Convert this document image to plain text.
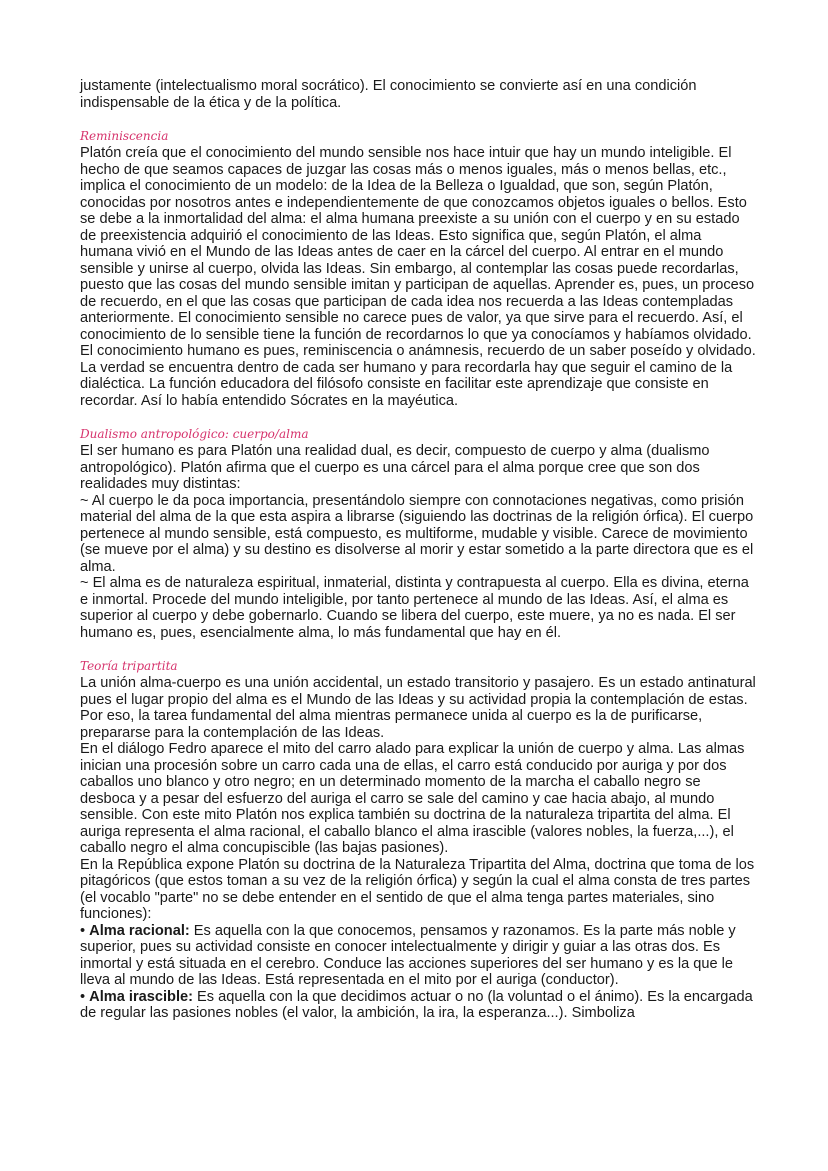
justamente (intelectualismo moral socrático). El conocimiento se convierte así en una condición indispensable de la ética y de la política.

Reminiscencia

Platón creía que el conocimiento del mundo sensible nos hace intuir que hay un mundo inteligible. El hecho de que seamos capaces de juzgar las cosas más o menos iguales, más o menos bellas, etc., implica el conocimiento de un modelo: de la Idea de la Belleza o Igualdad, que son, según Platón, conocidas por nosotros antes e independientemente de que conozcamos objetos iguales o bellos. Esto se debe a la inmortalidad del alma: el alma humana preexiste a su unión con el cuerpo y en su estado de preexistencia adquirió el conocimiento de las Ideas. Esto significa que, según Platón, el alma humana vivió en el Mundo de las Ideas antes de caer en la cárcel del cuerpo. Al entrar en el mundo sensible y unirse al cuerpo, olvida las Ideas. Sin embargo, al contemplar las cosas puede recordarlas, puesto que las cosas del mundo sensible imitan y participan de aquellas. Aprender es, pues, un proceso de recuerdo, en el que las cosas que participan de cada idea nos recuerda a las Ideas contempladas anteriormente. El conocimiento sensible no carece pues de valor, ya que sirve para el recuerdo. Así, el conocimiento de lo sensible tiene la función de recordarnos lo que ya conocíamos y habíamos olvidado. El conocimiento humano es pues, reminiscencia o anámnesis, recuerdo de un saber poseído y olvidado.

La verdad se encuentra dentro de cada ser humano y para recordarla hay que seguir el camino de la dialéctica. La función educadora del filósofo consiste en facilitar este aprendizaje que consiste en recordar. Así lo había entendido Sócrates en la mayéutica.

Dualismo antropológico: cuerpo/alma

El ser humano es para Platón una realidad dual, es decir, compuesto de cuerpo y alma (dualismo antropológico). Platón afirma que el cuerpo es una cárcel para el alma porque cree que son dos realidades muy distintas:

~ Al cuerpo le da poca importancia, presentándolo siempre con connotaciones negativas, como prisión material del alma de la que esta aspira a librarse (siguiendo las doctrinas de la religión órfica). El cuerpo pertenece al mundo sensible, está compuesto, es multiforme, mudable y visible. Carece de movimiento (se mueve por el alma) y su destino es disolverse al morir y estar sometido a la parte directora que es el alma.

~ El alma es de naturaleza espiritual, inmaterial, distinta y contrapuesta al cuerpo. Ella es divina, eterna e inmortal. Procede del mundo inteligible, por tanto pertenece al mundo de las Ideas. Así, el alma es superior al cuerpo y debe gobernarlo. Cuando se libera del cuerpo, este muere, ya no es nada. El ser humano es, pues, esencialmente alma, lo más fundamental que hay en él.

Teoría tripartita

La unión alma-cuerpo es una unión accidental, un estado transitorio y pasajero. Es un estado antinatural pues el lugar propio del alma es el Mundo de las Ideas y su actividad propia la contemplación de estas. Por eso, la tarea fundamental del alma mientras permanece unida al cuerpo es la de purificarse, prepararse para la contemplación de las Ideas.

En el diálogo Fedro aparece el mito del carro alado para explicar la unión de cuerpo y alma. Las almas inician una procesión sobre un carro cada una de ellas, el carro está conducido por auriga y por dos caballos uno blanco y otro negro; en un determinado momento de la marcha el caballo negro se desboca y a pesar del esfuerzo del auriga el carro se sale del camino y cae hacia abajo, al mundo sensible. Con este mito Platón nos explica también su doctrina de la naturaleza tripartita del alma. El auriga representa el alma racional, el caballo blanco el alma irascible (valores nobles, la fuerza,...), el caballo negro el alma concupiscible (las bajas pasiones).

En la República expone Platón su doctrina de la Naturaleza Tripartita del Alma, doctrina que toma de los pitagóricos (que estos toman a su vez de la religión órfica) y según la cual el alma consta de tres partes (el vocablo "parte" no se debe entender en el sentido de que el alma tenga partes materiales, sino funciones):

• Alma racional: Es aquella con la que conocemos, pensamos y razonamos. Es la parte más noble y superior, pues su actividad consiste en conocer intelectualmente y dirigir y guiar a las otras dos. Es inmortal y está situada en el cerebro. Conduce las acciones superiores del ser humano y es la que le lleva al mundo de las Ideas. Está representada en el mito por el auriga (conductor).

• Alma irascible: Es aquella con la que decidimos actuar o no (la voluntad o el ánimo). Es la encargada de regular las pasiones nobles (el valor, la ambición, la ira, la esperanza...). Simboliza
